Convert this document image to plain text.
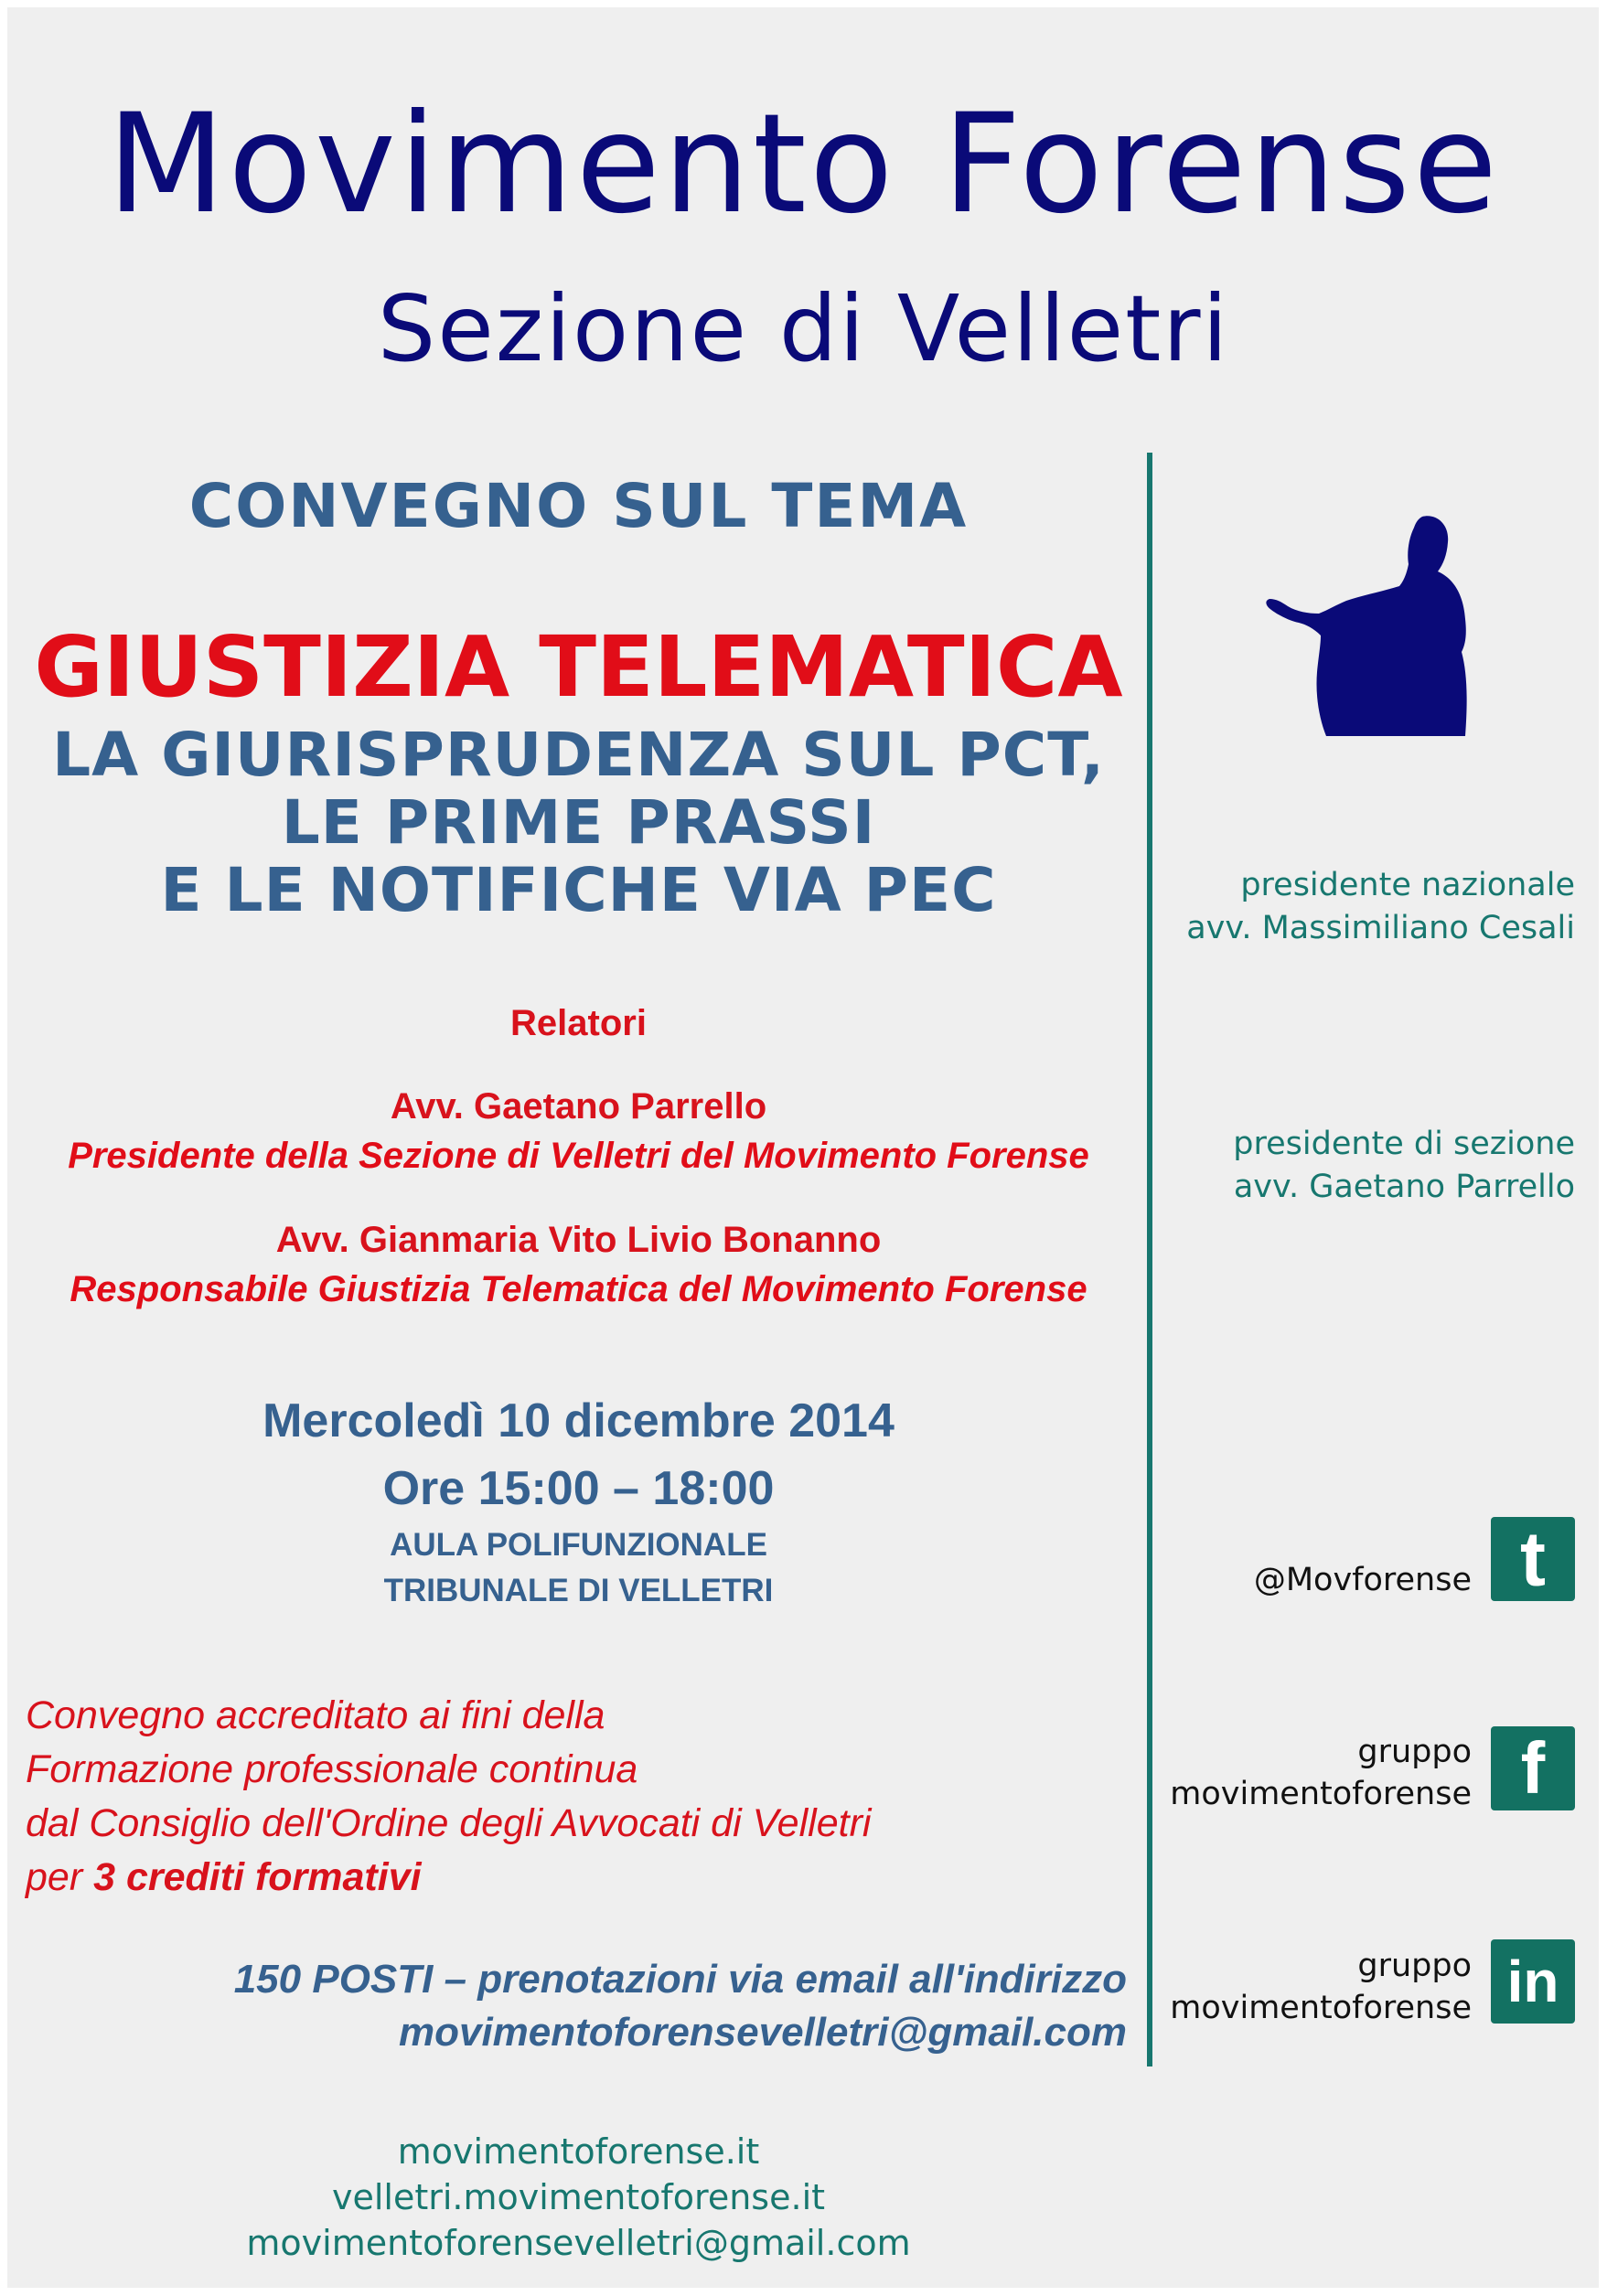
Movimento Forense
Sezione di Velletri
CONVEGNO SUL TEMA
GIUSTIZIA TELEMATICA
LA GIURISPRUDENZA SUL PCT,
LE PRIME PRASSI
E LE NOTIFICHE VIA PEC
Relatori
Avv. Gaetano Parrello
Presidente della Sezione di Velletri del Movimento Forense
Avv. Gianmaria Vito Livio Bonanno
Responsabile Giustizia Telematica del Movimento Forense
Mercoledì 10 dicembre 2014
Ore 15:00 – 18:00
AULA POLIFUNZIONALE
TRIBUNALE DI VELLETRI
Convegno accreditato ai fini della
Formazione professionale continua
dal Consiglio dell'Ordine degli Avvocati di Velletri
per 3 crediti formativi
150 POSTI – prenotazioni via email all'indirizzo
movimentoforensevelletri@gmail.com
presidente nazionale
avv. Massimiliano Cesali
presidente di sezione
avv. Gaetano Parrello
@Movforense t
gruppo
movimentoforense f
gruppo
movimentoforense in
movimentoforense.it
velletri.movimentoforense.it
movimentoforensevelletri@gmail.com
